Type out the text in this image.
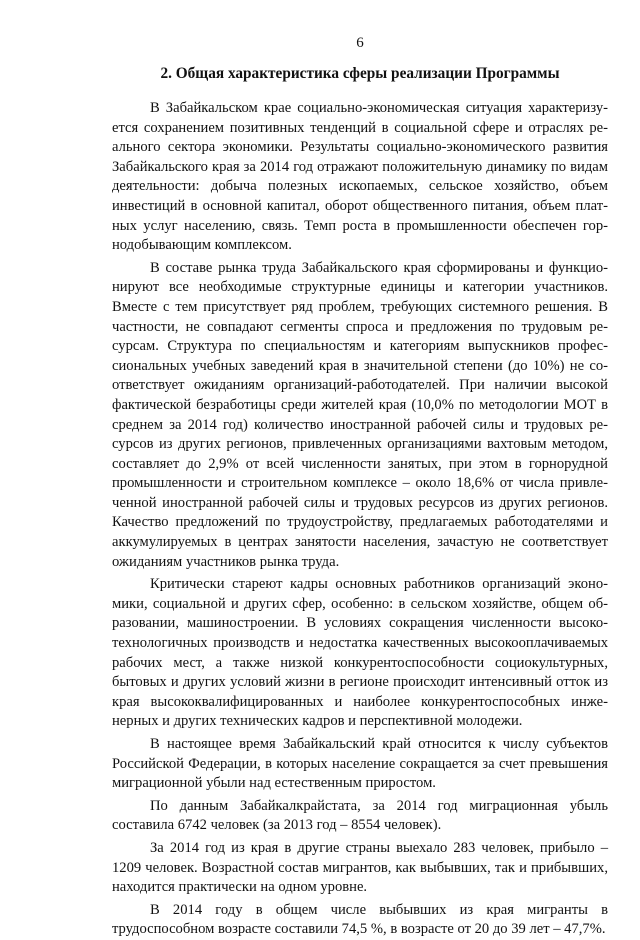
6
2. Общая характеристика сферы реализации Программы

В Забайкальском крае социально-экономическая ситуация характеризуется сохранением позитивных тенденций в социальной сфере и отраслях реального сектора экономики. Результаты социально-экономического развития Забайкальского края за 2014 год отражают положительную динамику по видам деятельности: добыча полезных ископаемых, сельское хозяйство, объем инвестиций в основной капитал, оборот общественного питания, объем платных услуг населению, связь. Темп роста в промышленности обеспечен горнодобывающим комплексом.

В составе рынка труда Забайкальского края сформированы и функционируют все необходимые структурные единицы и категории участников. Вместе с тем присутствует ряд проблем, требующих системного решения. В частности, не совпадают сегменты спроса и предложения по трудовым ресурсам. Структура по специальностям и категориям выпускников профессиональных учебных заведений края в значительной степени (до 10%) не соответствует ожиданиям организаций-работодателей. При наличии высокой фактической безработицы среди жителей края (10,0% по методологии МОТ в среднем за 2014 год) количество иностранной рабочей силы и трудовых ресурсов из других регионов, привлеченных организациями вахтовым методом, составляет до 2,9% от всей численности занятых, при этом в горнорудной промышленности и строительном комплексе – около 18,6% от числа привлеченной иностранной рабочей силы и трудовых ресурсов из других регионов. Качество предложений по трудоустройству, предлагаемых работодателями и аккумулируемых в центрах занятости населения, зачастую не соответствует ожиданиям участников рынка труда.

Критически стареют кадры основных работников организаций экономики, социальной и других сфер, особенно: в сельском хозяйстве, общем образовании, машиностроении. В условиях сокращения численности высокотехнологичных производств и недостатка качественных высокооплачиваемых рабочих мест, а также низкой конкурентоспособности социокультурных, бытовых и других условий жизни в регионе происходит интенсивный отток из края высококвалифицированных и наиболее конкурентоспособных инженерных и других технических кадров и перспективной молодежи.

В настоящее время Забайкальский край относится к числу субъектов Российской Федерации, в которых население сокращается за счет превышения миграционной убыли над естественным приростом.

По данным Забайкалкрайстата, за 2014 год миграционная убыль составила 6742 человек (за 2013 год – 8554 человек).

За 2014 год из края в другие страны выехало 283 человек, прибыло – 1209 человек. Возрастной состав мигрантов, как выбывших, так и прибывших, находится практически на одном уровне.

В 2014 году в общем числе выбывших из края мигранты в трудоспособном возрасте составили 74,5 %, в возрасте от 20 до 39 лет – 47,7%.
